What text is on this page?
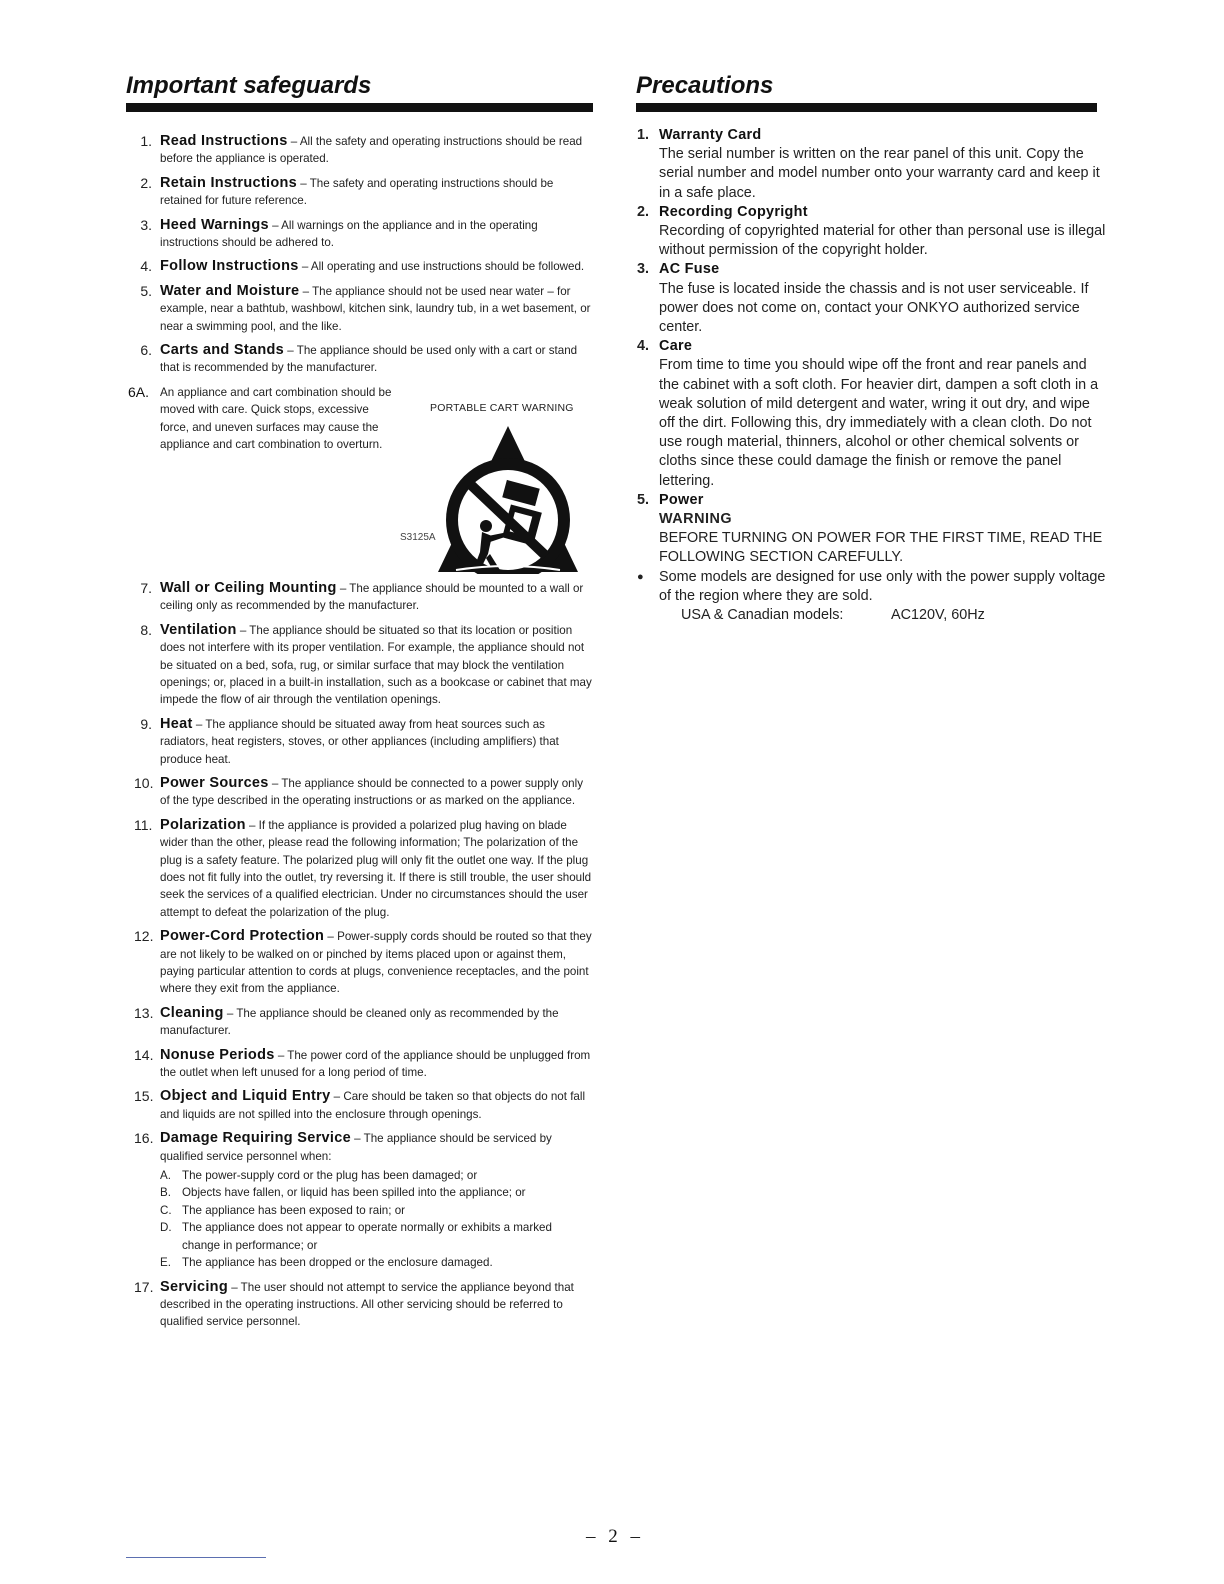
Important safeguards	Precautions
1. Read Instructions – All the safety and operating instructions should be read before the appliance is operated.
2. Retain Instructions – The safety and operating instructions should be retained for future reference.
3. Heed Warnings – All warnings on the appliance and in the operating instructions should be adhered to.
4. Follow Instructions – All operating and use instructions should be followed.
5. Water and Moisture – The appliance should not be used near water – for example, near a bathtub, washbowl, kitchen sink, laundry tub, in a wet basement, or near a swimming pool, and the like.
6. Carts and Stands – The appliance should be used only with a cart or stand that is recommended by the manufacturer.
6A. An appliance and cart combination should be moved with care. Quick stops, excessive force, and uneven surfaces may cause the appliance and cart combination to overturn.
PORTABLE CART WARNING
S3125A
7. Wall or Ceiling Mounting – The appliance should be mounted to a wall or ceiling only as recommended by the manufacturer.
8. Ventilation – The appliance should be situated so that its location or position does not interfere with its proper ventilation. For example, the appliance should not be situated on a bed, sofa, rug, or similar surface that may block the ventilation openings; or, placed in a built-in installation, such as a bookcase or cabinet that may impede the flow of air through the ventilation openings.
9. Heat – The appliance should be situated away from heat sources such as radiators, heat registers, stoves, or other appliances (including amplifiers) that produce heat.
10. Power Sources – The appliance should be connected to a power supply only of the type described in the operating instructions or as marked on the appliance.
11. Polarization – If the appliance is provided a polarized plug having on blade wider than the other, please read the following information; The polarization of the plug is a safety feature. The polarized plug will only fit the outlet one way. If the plug does not fit fully into the outlet, try reversing it. If there is still trouble, the user should seek the services of a qualified electrician. Under no circumstances should the user attempt to defeat the polarization of the plug.
12. Power-Cord Protection – Power-supply cords should be routed so that they are not likely to be walked on or pinched by items placed upon or against them, paying particular attention to cords at plugs, convenience receptacles, and the point where they exit from the appliance.
13. Cleaning – The appliance should be cleaned only as recommended by the manufacturer.
14. Nonuse Periods – The power cord of the appliance should be unplugged from the outlet when left unused for a long period of time.
15. Object and Liquid Entry – Care should be taken so that objects do not fall and liquids are not spilled into the enclosure through openings.
16. Damage Requiring Service – The appliance should be serviced by qualified service personnel when:
A. The power-supply cord or the plug has been damaged; or
B. Objects have fallen, or liquid has been spilled into the appliance; or
C. The appliance has been exposed to rain; or
D. The appliance does not appear to operate normally or exhibits a marked change in performance; or
E. The appliance has been dropped or the enclosure damaged.
17. Servicing – The user should not attempt to service the appliance beyond that described in the operating instructions. All other servicing should be referred to qualified service personnel.
1. Warranty Card
The serial number is written on the rear panel of this unit. Copy the serial number and model number onto your warranty card and keep it in a safe place.
2. Recording Copyright
Recording of copyrighted material for other than personal use is illegal without permission of the copyright holder.
3. AC Fuse
The fuse is located inside the chassis and is not user serviceable. If power does not come on, contact your ONKYO authorized service center.
4. Care
From time to time you should wipe off the front and rear panels and the cabinet with a soft cloth. For heavier dirt, dampen a soft cloth in a weak solution of mild detergent and water, wring it out dry, and wipe off the dirt. Following this, dry immediately with a clean cloth. Do not use rough material, thinners, alcohol or other chemical solvents or cloths since these could damage the finish or remove the panel lettering.
5. Power
WARNING
BEFORE TURNING ON POWER FOR THE FIRST TIME, READ THE FOLLOWING SECTION CAREFULLY.
● Some models are designed for use only with the power supply voltage of the region where they are sold.
USA & Canadian models:	AC120V, 60Hz
– 2 –
